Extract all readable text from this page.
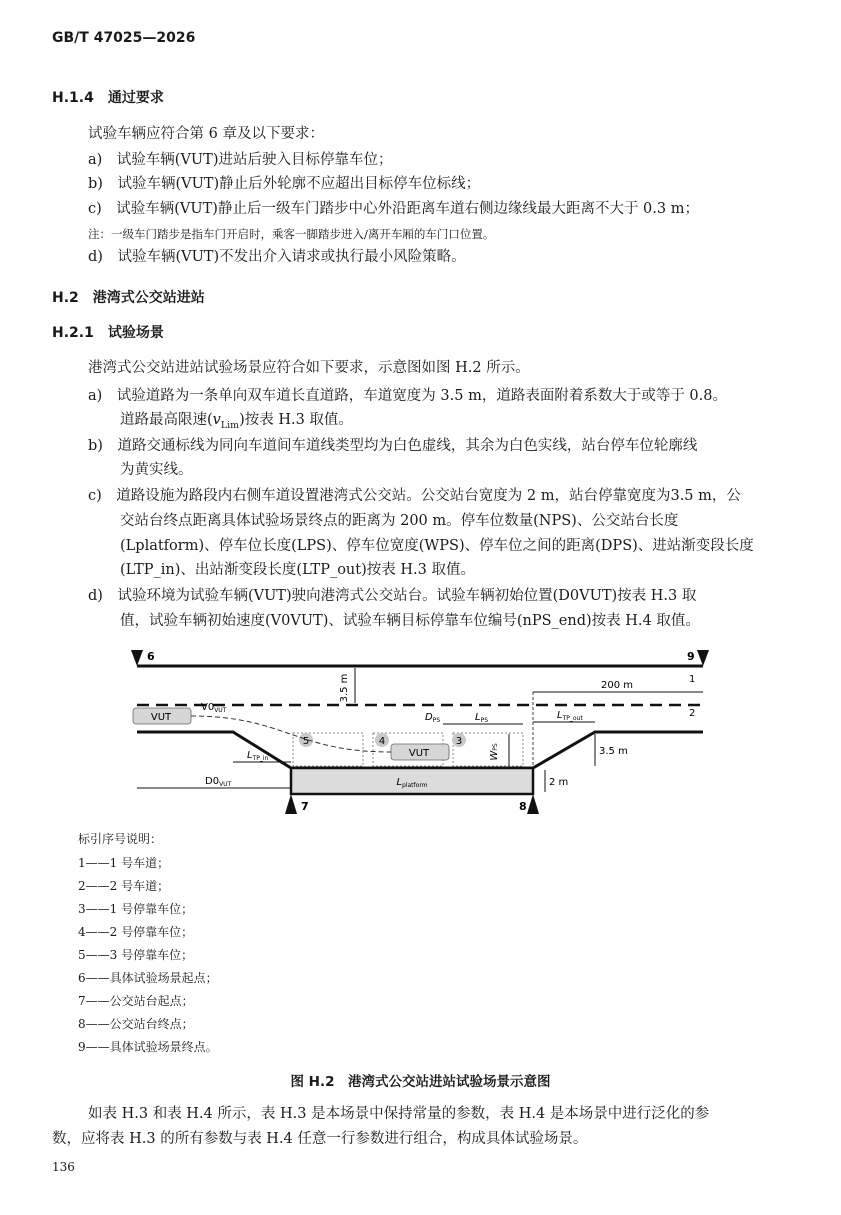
GB/T 47025—2026
H.1.4　通过要求
试验车辆应符合第 6 章及以下要求：
a)　试验车辆(VUT)进站后驶入目标停靠车位；
b)　试验车辆(VUT)静止后外轮廓不应超出目标停车位标线；
c)　试验车辆(VUT)静止后一级车门踏步中心外沿距离车道右侧边缘线最大距离不大于 0.3 m；
注：一级车门踏步是指车门开启时，乘客一脚踏步进入/离开车厢的车门口位置。
d)　试验车辆(VUT)不发出介入请求或执行最小风险策略。
H.2　港湾式公交站进站
H.2.1　试验场景
港湾式公交站进站试验场景应符合如下要求，示意图如图 H.2 所示。
a)　试验道路为一条单向双车道长直道路，车道宽度为 3.5 m，道路表面附着系数大于或等于 0.8。
道路最高限速$(v_{Lim})$按表 H.3 取值。
b)　道路交通标线为同向车道间车道线类型均为白色虚线，其余为白色实线，站台停车位轮廓线
为黄实线。
c)　道路设施为路段内右侧车道设置港湾式公交站。公交站台宽度为 2 m，站台停靠宽度为3.5 m，公
交站台终点距离具体试验场景终点的距离为 200 m。停车位数量(NPS)、公交站台长度
(Lplatform)、停车位长度(LPS)、停车位宽度(WPS)、停车位之间的距离(DPS)、进站渐变段长度
(LTP_in)、出站渐变段长度(LTP_out)按表 H.3 取值。
d)　试验环境为试验车辆(VUT)驶向港湾式公交站台。试验车辆初始位置(D0VUT)按表 H.3 取
值，试验车辆初始速度(V0VUT)、试验车辆目标停靠车位编号(nPS_end)按表 H.4 取值。
5	4	3
VUT
VUT
$V0_{VUT}$
6	9
7	8
1
2
3.5 m	200 m
$L_{TP\_out}$
3.5 m
2 m
$D_{PS}$	$L_{PS}$
WPS
$L_{TP\_in}$
$L_{platform}$
$D0_{VUT}$
标引序号说明：
1——1 号车道；
2——2 号车道；
3——1 号停靠车位；
4——2 号停靠车位；
5——3 号停靠车位；
6——具体试验场景起点；
7——公交站台起点；
8——公交站台终点；
9——具体试验场景终点。
图 H.2　港湾式公交站进站试验场景示意图
如表 H.3 和表 H.4 所示，表 H.3 是本场景中保持常量的参数，表 H.4 是本场景中进行泛化的参
数，应将表 H.3 的所有参数与表 H.4 任意一行参数进行组合，构成具体试验场景。
136
